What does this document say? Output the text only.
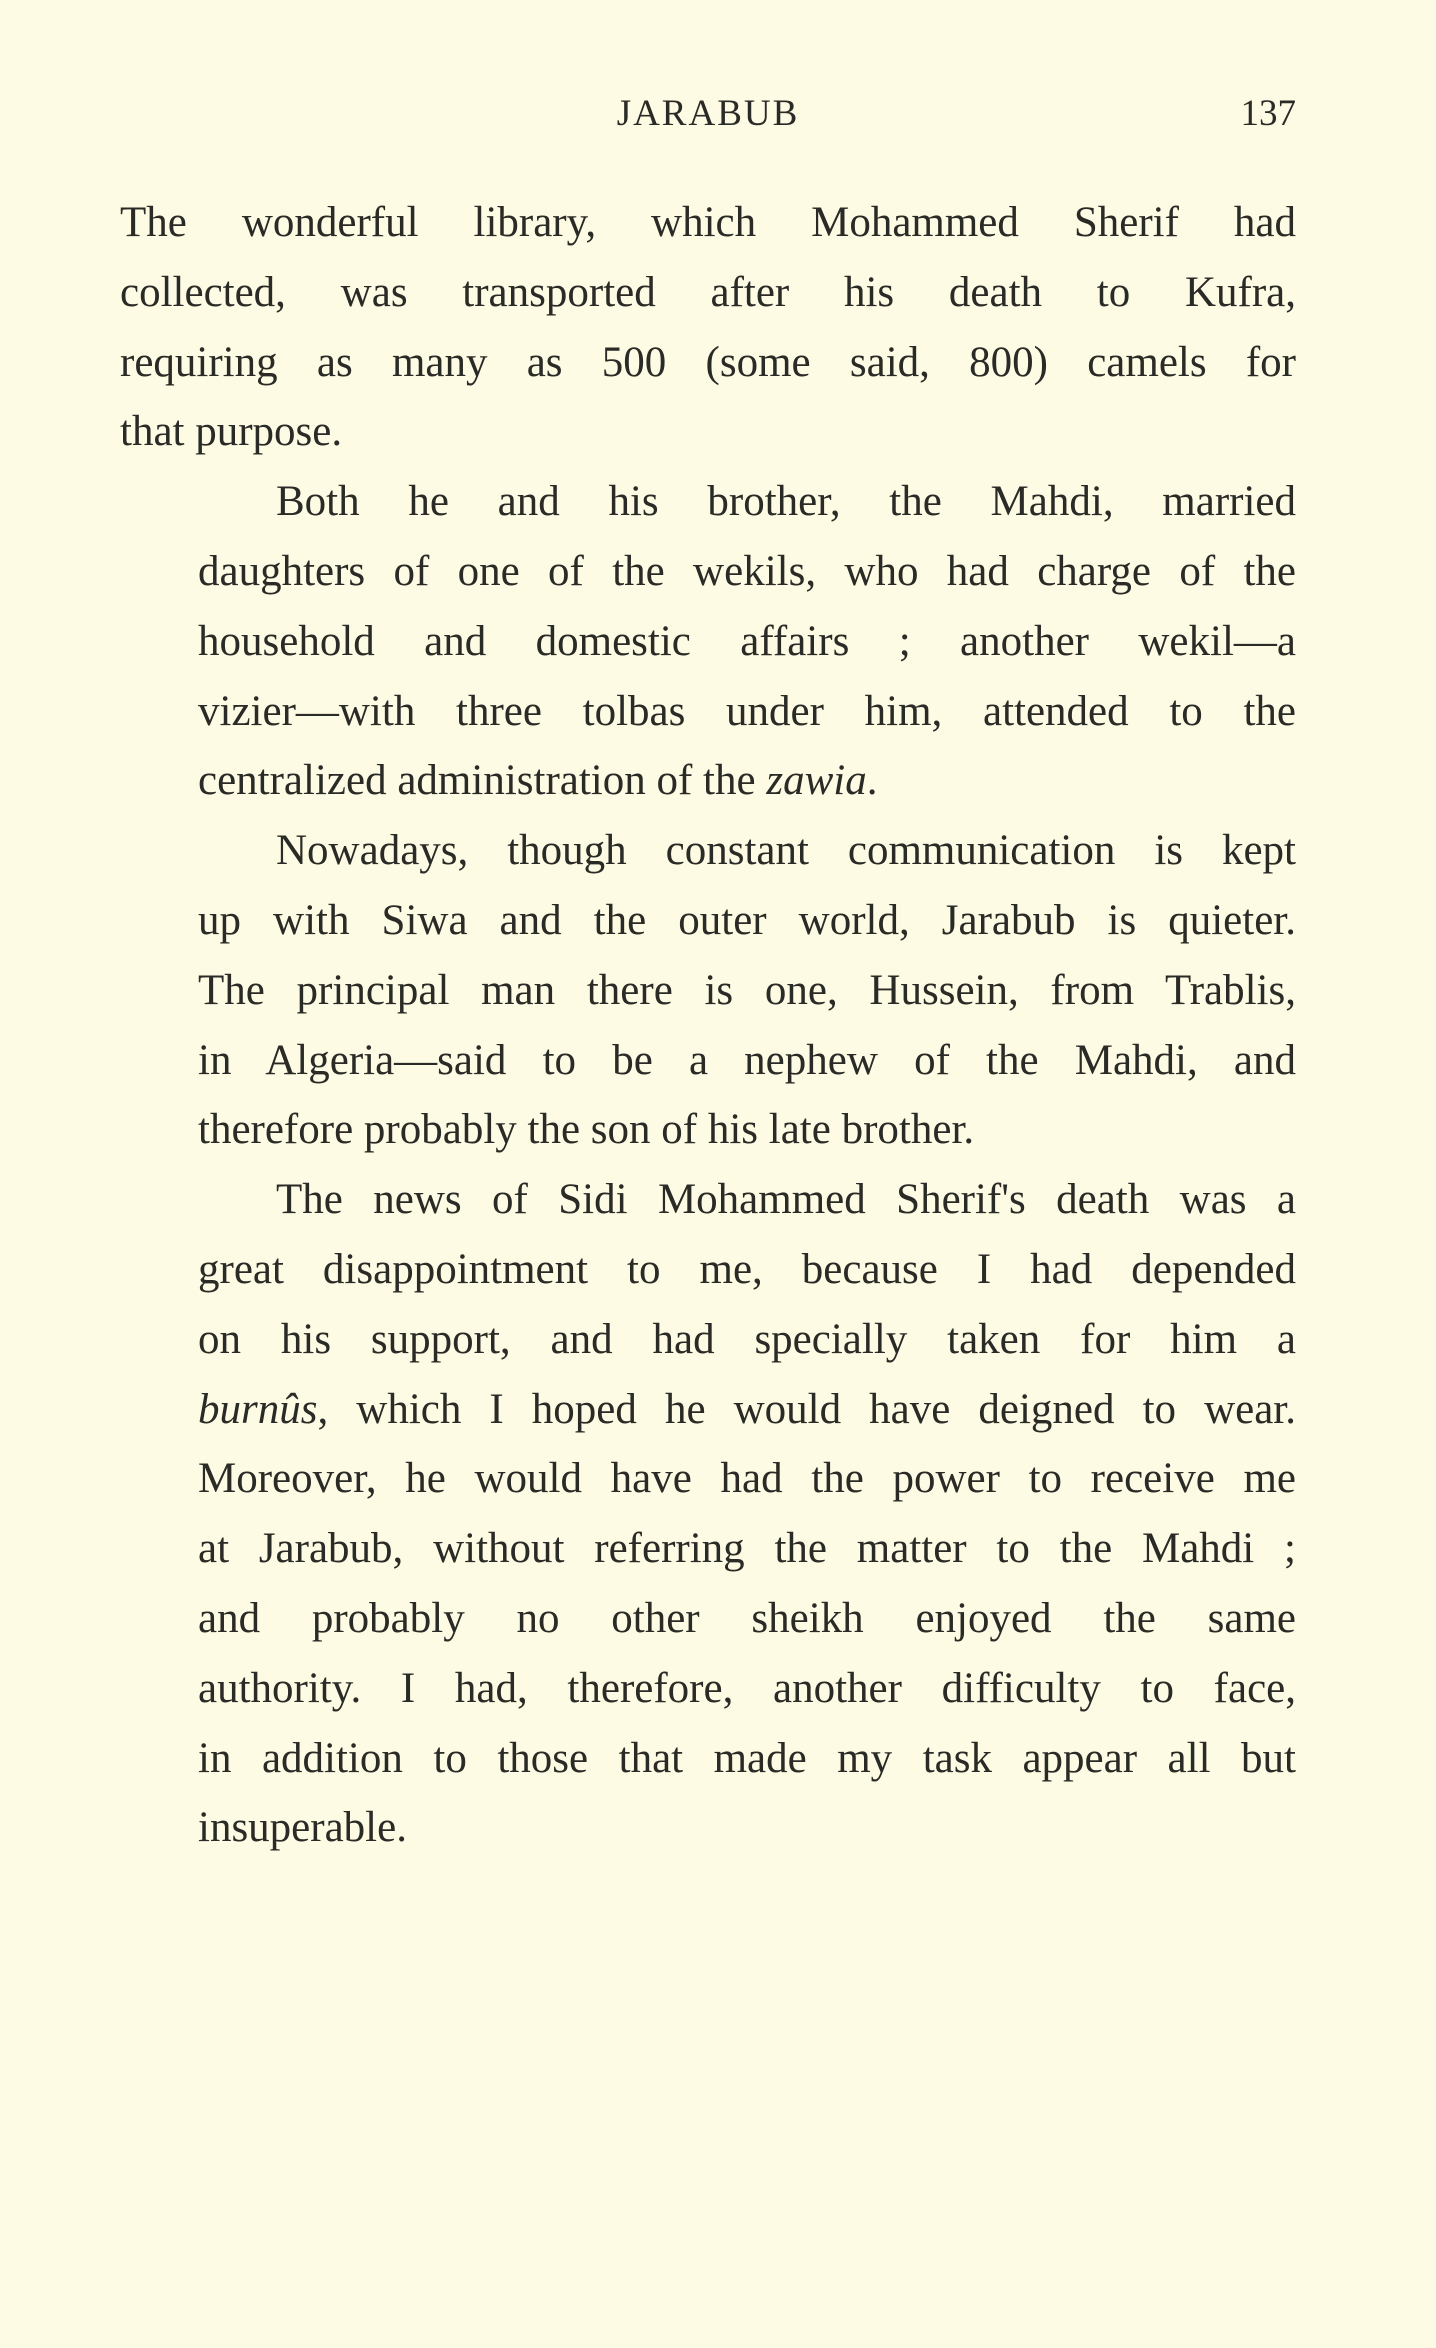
JARABUB	137

The wonderful library, which Mohammed Sherif had
collected, was transported after his death to Kufra,
requiring as many as 500 (some said, 800) camels for
that purpose.

Both he and his brother, the Mahdi, married
daughters of one of the wekils, who had charge of the
household and domestic affairs ; another wekil—a
vizier—with three tolbas under him, attended to the
centralized administration of the zawia.

Nowadays, though constant communication is kept
up with Siwa and the outer world, Jarabub is quieter.
The principal man there is one, Hussein, from Trablis,
in Algeria—said to be a nephew of the Mahdi, and
therefore probably the son of his late brother.

The news of Sidi Mohammed Sherif's death was a
great disappointment to me, because I had depended
on his support, and had specially taken for him a
burnûs, which I hoped he would have deigned to wear.
Moreover, he would have had the power to receive me
at Jarabub, without referring the matter to the Mahdi ;
and probably no other sheikh enjoyed the same
authority. I had, therefore, another difficulty to face,
in addition to those that made my task appear all but
insuperable.
